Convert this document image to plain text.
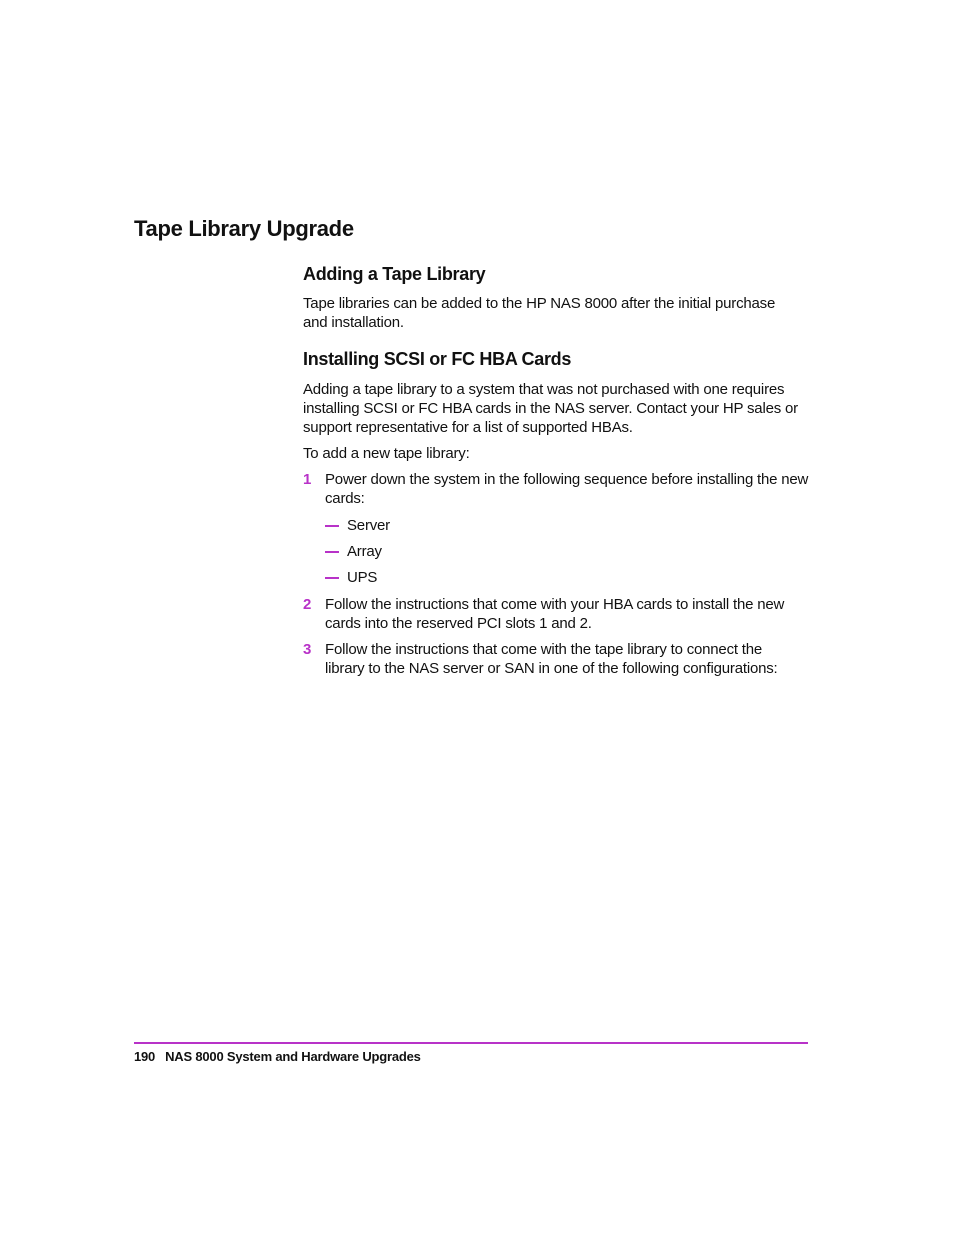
Tape Library Upgrade
Adding a Tape Library
Tape libraries can be added to the HP NAS 8000 after the initial purchase
and installation.
Installing SCSI or FC HBA Cards
Adding a tape library to a system that was not purchased with one requires
installing SCSI or FC HBA cards in the NAS server. Contact your HP sales or
support representative for a list of supported HBAs.
To add a new tape library:
1 Power down the system in the following sequence before installing the new
cards:
Server
Array
UPS
2 Follow the instructions that come with your HBA cards to install the new
cards into the reserved PCI slots 1 and 2.
3 Follow the instructions that come with the tape library to connect the
library to the NAS server or SAN in one of the following configurations:
190 NAS 8000 System and Hardware Upgrades
